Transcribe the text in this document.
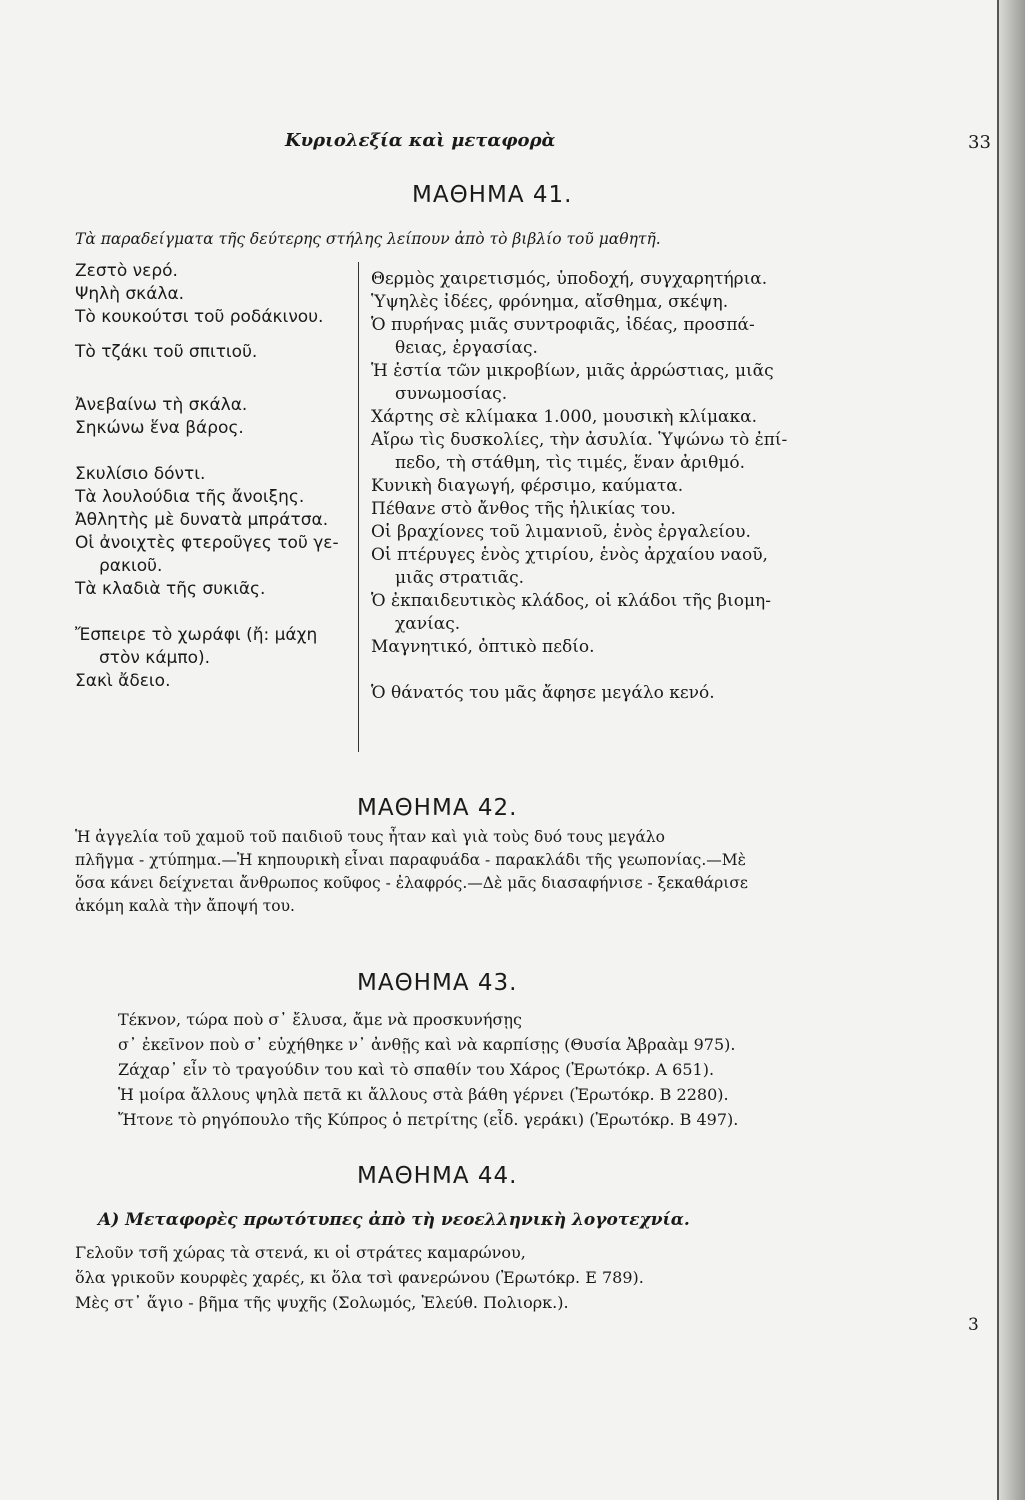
Κυριολεξία καὶ μεταφορὰ	33
ΜΑΘΗΜΑ 41.
Τὰ παραδείγματα τῆς δεύτερης στήλης λείπουν ἀπὸ τὸ βιβλίο τοῦ μαθητῆ.
Ζεστὸ νερό.
Ψηλὴ σκάλα.
Τὸ κουκούτσι τοῦ ροδάκινου.
Τὸ τζάκι τοῦ σπιτιοῦ.
Ἀνεβαίνω τὴ σκάλα.
Σηκώνω ἕνα βάρος.
Σκυλίσιο δόντι.
Τὰ λουλούδια τῆς ἄνοιξης.
Ἀθλητὴς μὲ δυνατὰ μπράτσα.
Οἱ ἀνοιχτὲς φτεροῦγες τοῦ γε-
ρακιοῦ.
Τὰ κλαδιὰ τῆς συκιᾶς.
Ἔσπειρε τὸ χωράφι (ἤ: μάχη
στὸν κάμπο).
Σακὶ ἄδειο.
Θερμὸς χαιρετισμός, ὑποδοχή, συγχαρητήρια.
Ὑψηλὲς ἰδέες, φρόνημα, αἴσθημα, σκέψη.
Ὁ πυρήνας μιᾶς συντροφιᾶς, ἰδέας, προσπά-
θειας, ἐργασίας.
Ἡ ἑστία τῶν μικροβίων, μιᾶς ἀρρώστιας, μιᾶς
συνωμοσίας.
Χάρτης σὲ κλίμακα 1.000, μουσικὴ κλίμακα.
Αἴρω τὶς δυσκολίες, τὴν ἀσυλία. Ὑψώνω τὸ ἐπί-
πεδο, τὴ στάθμη, τὶς τιμές, ἕναν ἀριθμό.
Κυνικὴ διαγωγή, φέρσιμο, καύματα.
Πέθανε στὸ ἄνθος τῆς ἡλικίας του.
Οἱ βραχίονες τοῦ λιμανιοῦ, ἑνὸς ἐργαλείου.
Οἱ πτέρυγες ἑνὸς χτιρίου, ἑνὸς ἀρχαίου ναοῦ,
μιᾶς στρατιᾶς.
Ὁ ἐκπαιδευτικὸς κλάδος, οἱ κλάδοι τῆς βιομη-
χανίας.
Μαγνητικό, ὀπτικὸ πεδίο.
Ὁ θάνατός του μᾶς ἄφησε μεγάλο κενό.
ΜΑΘΗΜΑ 42.
Ἡ ἀγγελία τοῦ χαμοῦ τοῦ παιδιοῦ τους ἦταν καὶ γιὰ τοὺς δυό τους μεγάλο
πλῆγμα - χτύπημα.—Ἡ κηπουρικὴ εἶναι παραφυάδα - παρακλάδι τῆς γεωπονίας.—Μὲ
ὅσα κάνει δείχνεται ἄνθρωπος κοῦφος - ἐλαφρός.—Δὲ μᾶς διασαφήνισε - ξεκαθάρισε
ἀκόμη καλὰ τὴν ἄποψή του.
ΜΑΘΗΜΑ 43.
Τέκνον, τώρα ποὺ σ᾿ ἔλυσα, ἄμε νὰ προσκυνήσῃς
σ᾿ ἐκεῖνον ποὺ σ᾿ εὐχήθηκε ν᾿ ἀνθῇς καὶ νὰ καρπίσῃς (Θυσία Ἀβραὰμ 975).
Ζάχαρ᾿ εἶν τὸ τραγούδιν του καὶ τὸ σπαθίν του Χάρος (Ἐρωτόκρ. Α 651).
Ἡ μοίρα ἄλλους ψηλὰ πετᾶ κι ἄλλους στὰ βάθη γέρνει (Ἐρωτόκρ. Β 2280).
Ἤτονε τὸ ρηγόπουλο τῆς Κύπρος ὁ πετρίτης (εἶδ. γεράκι) (Ἐρωτόκρ. Β 497).
ΜΑΘΗΜΑ 44.
Α) Μεταφορὲς πρωτότυπες ἀπὸ τὴ νεοελληνικὴ λογοτεχνία.
Γελοῦν τσῆ χώρας τὰ στενά, κι οἱ στράτες καμαρώνου,
ὅλα γρικοῦν κουρφὲς χαρές, κι ὅλα τσὶ φανερώνου (Ἐρωτόκρ. Ε 789).
Μὲς στ᾿ ἅγιο - βῆμα τῆς ψυχῆς (Σολωμός, Ἐλεύθ. Πολιορκ.).
3
